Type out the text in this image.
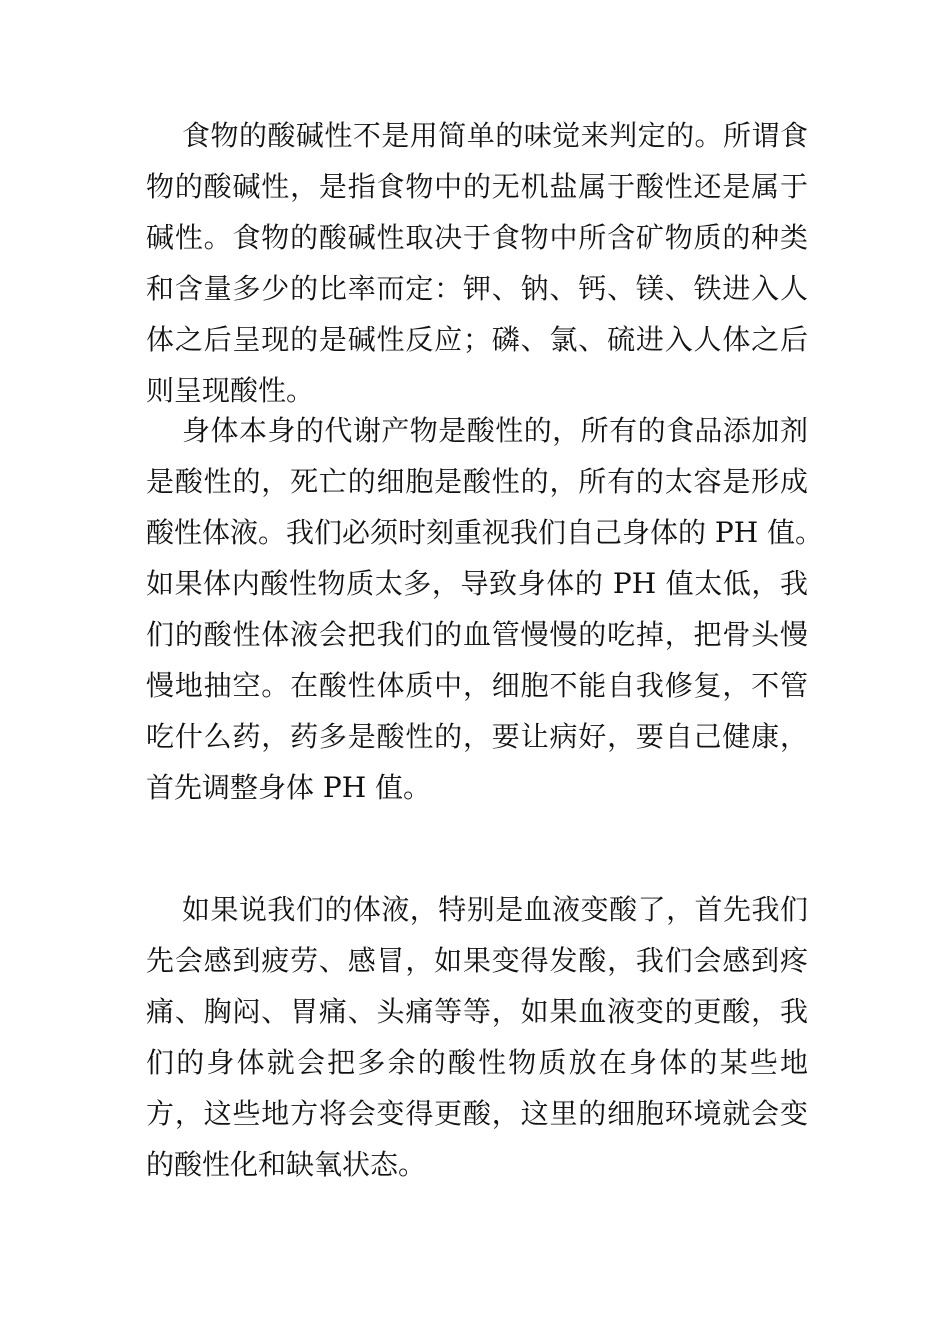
食物的酸碱性不是用简单的味觉来判定的。所谓食
物的酸碱性，是指食物中的无机盐属于酸性还是属于
碱性。食物的酸碱性取决于食物中所含矿物质的种类
和含量多少的比率而定：钾、钠、钙、镁、铁进入人
体之后呈现的是碱性反应；磷、氯、硫进入人体之后
则呈现酸性。
身体本身的代谢产物是酸性的，所有的食品添加剂
是酸性的，死亡的细胞是酸性的，所有的太容是形成
酸性体液。我们必须时刻重视我们自己身体的 PH 值。
如果体内酸性物质太多，导致身体的 PH 值太低，我
们的酸性体液会把我们的血管慢慢的吃掉，把骨头慢
慢地抽空。在酸性体质中，细胞不能自我修复，不管
吃什么药，药多是酸性的，要让病好，要自己健康，
首先调整身体 PH 值。
如果说我们的体液，特别是血液变酸了，首先我们
先会感到疲劳、感冒，如果变得发酸，我们会感到疼
痛、胸闷、胃痛、头痛等等，如果血液变的更酸，我
们的身体就会把多余的酸性物质放在身体的某些地
方，这些地方将会变得更酸，这里的细胞环境就会变
的酸性化和缺氧状态。
